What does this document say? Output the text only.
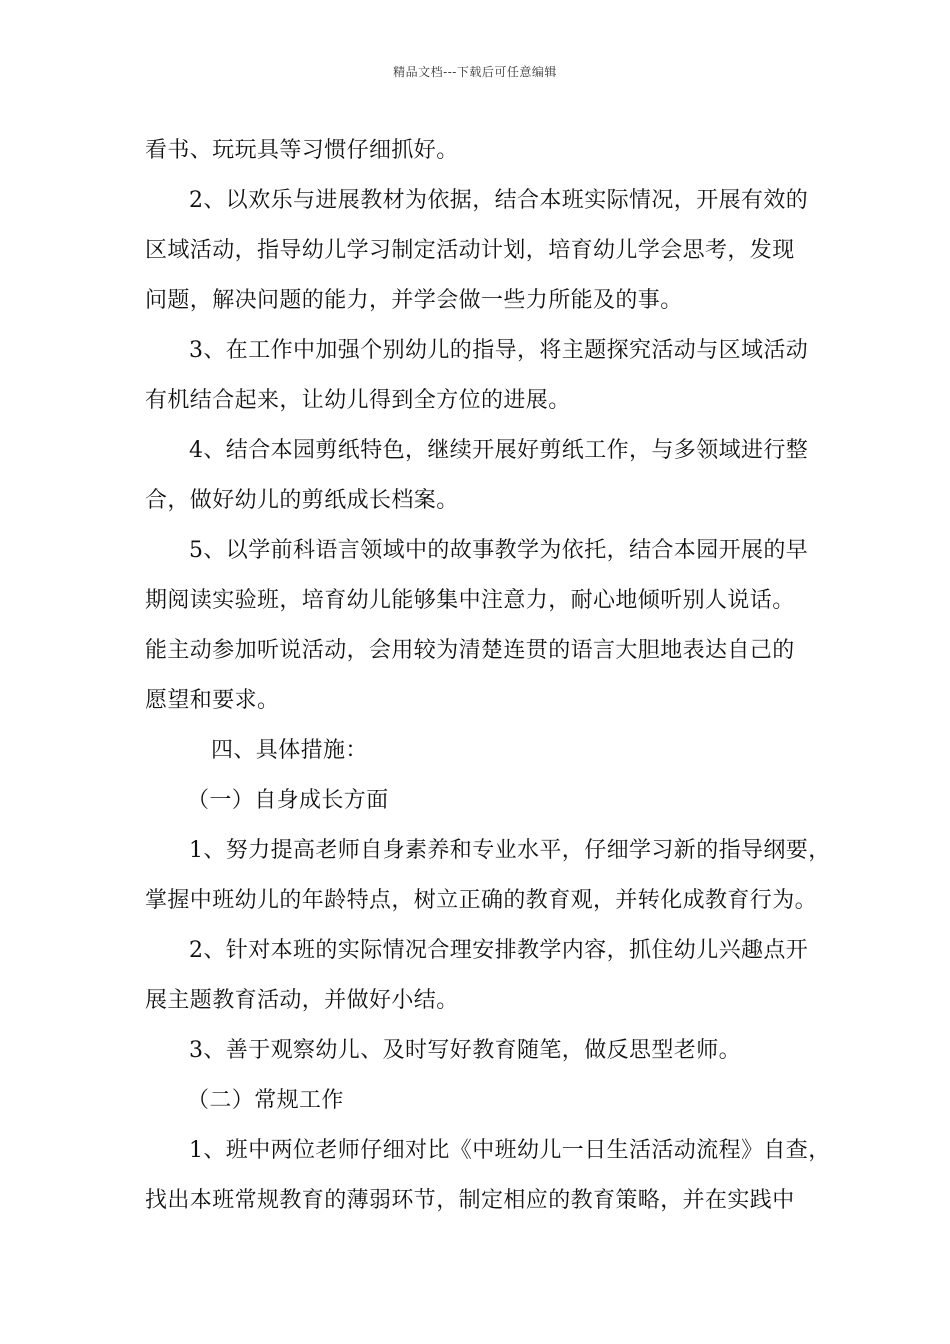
精品文档---下载后可任意编辑
看书、玩玩具等习惯仔细抓好。
2、以欢乐与进展教材为依据，结合本班实际情况，开展有效的
区域活动，指导幼儿学习制定活动计划，培育幼儿学会思考，发现
问题，解决问题的能力，并学会做一些力所能及的事。
3、在工作中加强个别幼儿的指导，将主题探究活动与区域活动
有机结合起来，让幼儿得到全方位的进展。
4、结合本园剪纸特色，继续开展好剪纸工作，与多领域进行整
合，做好幼儿的剪纸成长档案。
5、以学前科语言领域中的故事教学为依托，结合本园开展的早
期阅读实验班，培育幼儿能够集中注意力，耐心地倾听别人说话。
能主动参加听说活动，会用较为清楚连贯的语言大胆地表达自己的
愿望和要求。
四、具体措施：
（一）自身成长方面
1、努力提高老师自身素养和专业水平，仔细学习新的指导纲要，
掌握中班幼儿的年龄特点，树立正确的教育观，并转化成教育行为。
2、针对本班的实际情况合理安排教学内容，抓住幼儿兴趣点开
展主题教育活动，并做好小结。
3、善于观察幼儿、及时写好教育随笔，做反思型老师。
（二）常规工作
1、班中两位老师仔细对比《中班幼儿一日生活活动流程》自查，
找出本班常规教育的薄弱环节，制定相应的教育策略，并在实践中
